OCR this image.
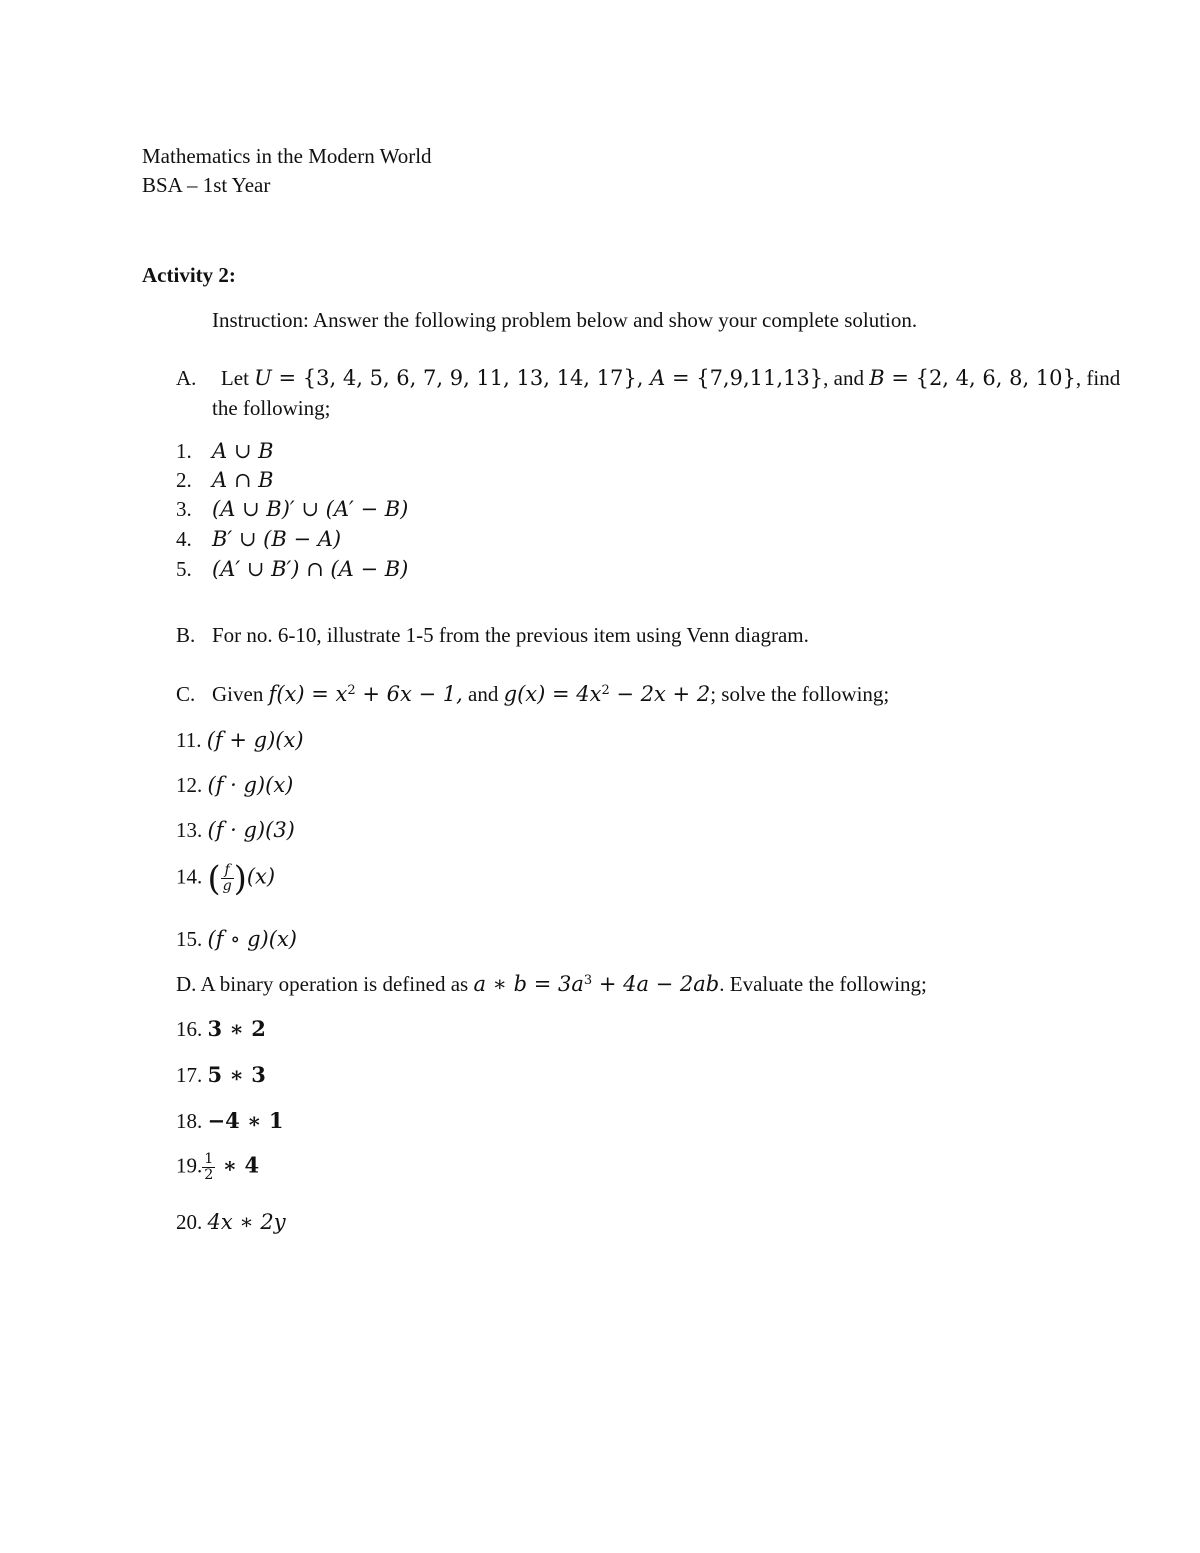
Mathematics in the Modern World
BSA – 1st Year
Activity 2:
Instruction: Answer the following problem below and show your complete solution.
A. Let U = {3, 4, 5, 6, 7, 9, 11, 13, 14, 17}, A = {7,9,11,13}, and B = {2, 4, 6, 8, 10}, find
the following;
1. A ∪ B
2. A ∩ B
3. (A ∪ B)′ ∪ (A′ − B)
4. B′ ∪ (B − A)
5. (A′ ∪ B′) ∩ (A − B)
B. For no. 6-10, illustrate 1-5 from the previous item using Venn diagram.
C. Given $f(x) = x^2 + 6x - 1$, and $g(x) = 4x^2 - 2x + 2$; solve the following;
11. (f + g)(x)
12. (f · g)(x)
13. (f · g)(3)
14. ( $\frac{f}{g} )(x)$
15. (f ∘ g)(x)
D. A binary operation is defined as a ∗ $b = 3a^3 + 4a - 2ab$. Evaluate the following;
16. 3 ∗ 2
17. 5 ∗ 3
18. −4 ∗ 1
19. $\frac{1}{2}$ ∗ 4
20. 4x ∗ 2y
